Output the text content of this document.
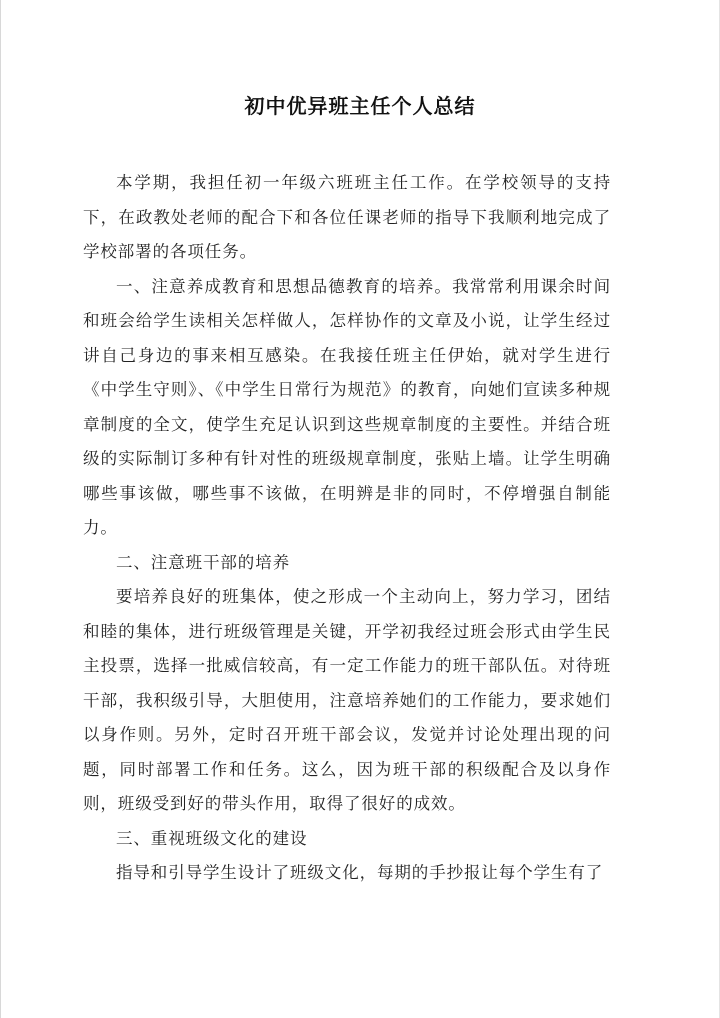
初中优异班主任个人总结

本学期，我担任初一年级六班班主任工作。在学校领导的支持下，在政教处老师的配合下和各位任课老师的指导下我顺利地完成了学校部署的各项任务。

一、注意养成教育和思想品德教育的培养。我常常利用课余时间和班会给学生读相关怎样做人，怎样协作的文章及小说，让学生经过讲自己身边的事来相互感染。在我接任班主任伊始，就对学生进行《中学生守则》、《中学生日常行为规范》的教育，向她们宣读多种规章制度的全文，使学生充足认识到这些规章制度的主要性。并结合班级的实际制订多种有针对性的班级规章制度，张贴上墙。让学生明确哪些事该做，哪些事不该做，在明辨是非的同时，不停增强自制能力。

二、注意班干部的培养

要培养良好的班集体，使之形成一个主动向上，努力学习，团结和睦的集体，进行班级管理是关键，开学初我经过班会形式由学生民主投票，选择一批威信较高，有一定工作能力的班干部队伍。对待班干部，我积级引导，大胆使用，注意培养她们的工作能力，要求她们以身作则。另外，定时召开班干部会议，发觉并讨论处理出现的问题，同时部署工作和任务。这么，因为班干部的积级配合及以身作则，班级受到好的带头作用，取得了很好的成效。

三、重视班级文化的建设

指导和引导学生设计了班级文化，每期的手抄报让每个学生有了
